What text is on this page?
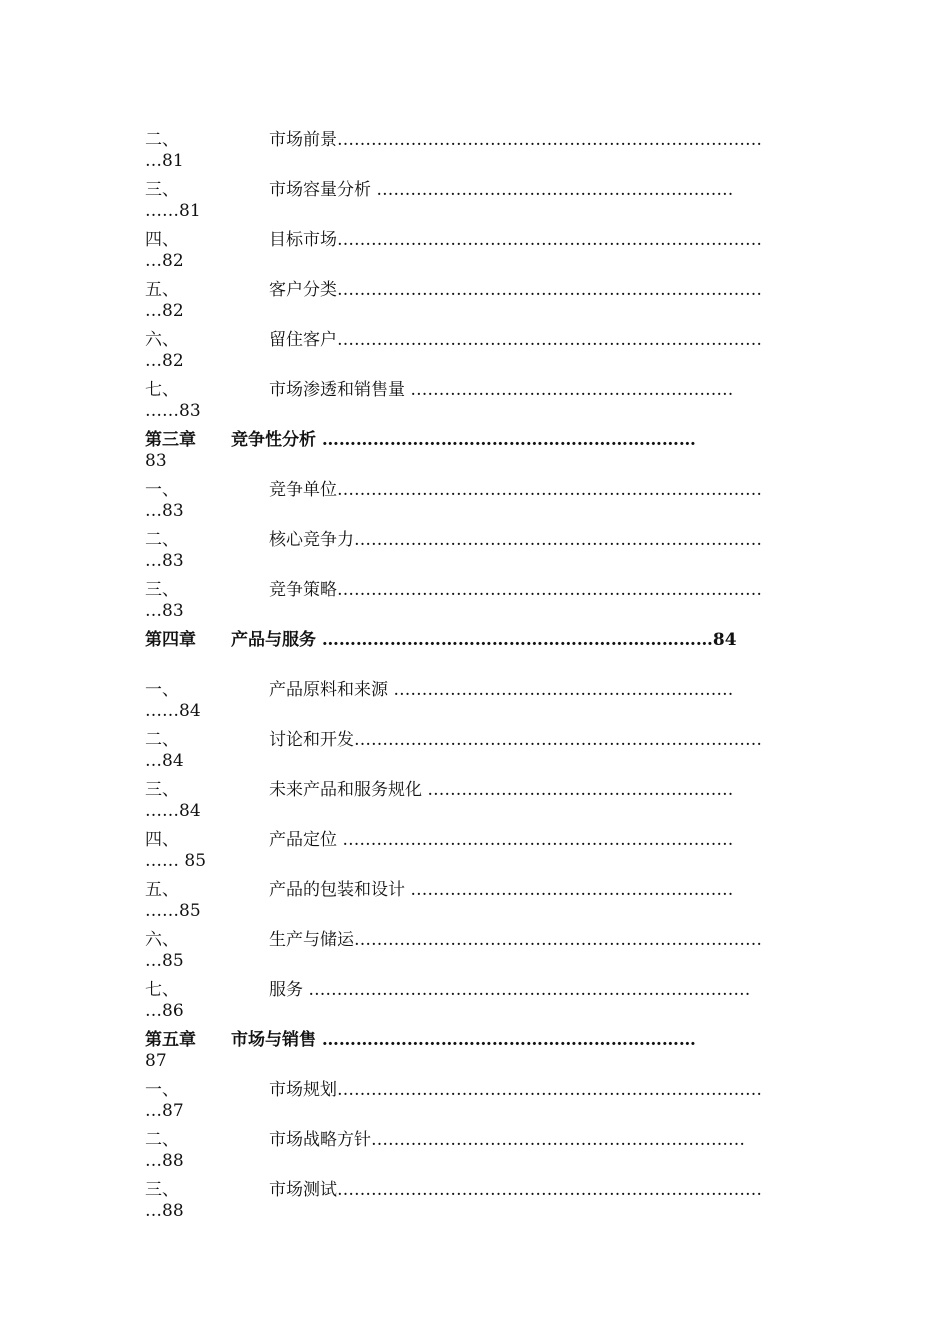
二、	市场前景…………………………………………………………………
…81
三、	市场容量分析 ………………………………………………………
……81
四、	目标市场…………………………………………………………………
…82
五、	客户分类…………………………………………………………………
…82
六、	留住客户…………………………………………………………………
…82
七、	市场渗透和销售量 …………………………………………………
……83
第三章 竞争性分析 …………………………………………………………
83
一、	竞争单位…………………………………………………………………
…83
二、	核心竞争力………………………………………………………………
…83
三、	竞争策略…………………………………………………………………
…83
第四章 产品与服务 ……………………………………………………………84
一、	产品原料和来源 ……………………………………………………
……84
二、	讨论和开发………………………………………………………………
…84
三、	未来产品和服务规化 ………………………………………………
……84
四、	产品定位 ……………………………………………………………
…… 85
五、	产品的包装和设计 …………………………………………………
……85
六、	生产与储运………………………………………………………………
…85
七、	服务 ……………………………………………………………………
…86
第五章 市场与销售 …………………………………………………………
87
一、	市场规划…………………………………………………………………
…87
二、	市场战略方针…………………………………………………………
…88
三、	市场测试…………………………………………………………………
…88
